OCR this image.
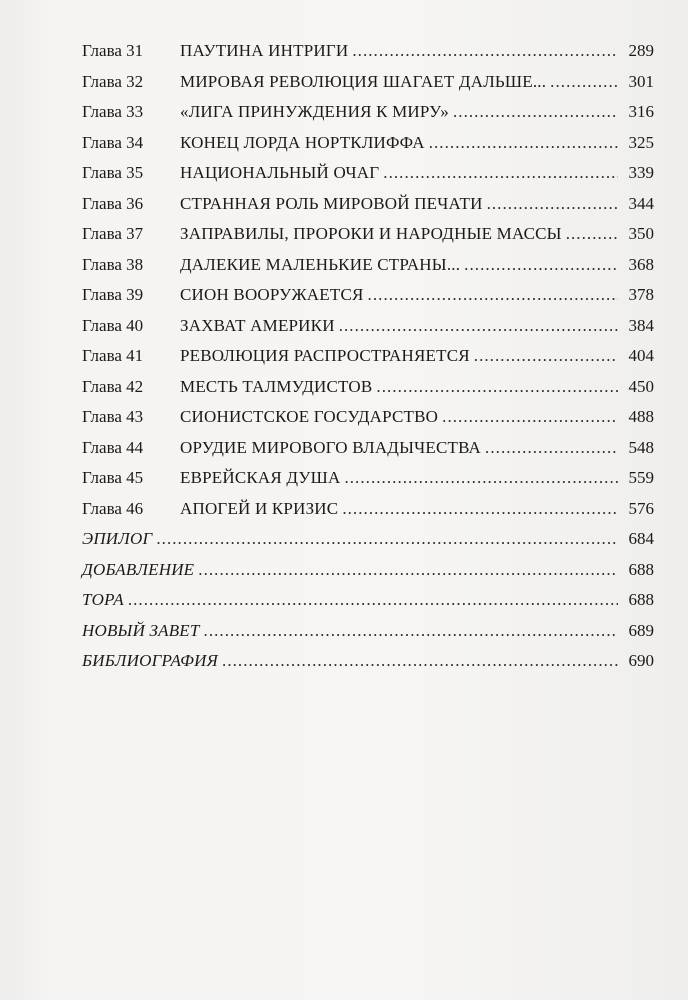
Глава 31	ПАУТИНА ИНТРИГИ . . .	289
Глава 32	МИРОВАЯ РЕВОЛЮЦИЯ ШАГАЕТ ДАЛЬШЕ... . . .	301
Глава 33	«ЛИГА ПРИНУЖДЕНИЯ К МИРУ» . . .	316
Глава 34	КОНЕЦ ЛОРДА НОРТКЛИФФА . . .	325
Глава 35	НАЦИОНАЛЬНЫЙ ОЧАГ . . .	339
Глава 36	СТРАННАЯ РОЛЬ МИРОВОЙ ПЕЧАТИ . . .	344
Глава 37	ЗАПРАВИЛЫ, ПРОРОКИ И НАРОДНЫЕ МАССЫ . . .	350
Глава 38	ДАЛЕКИЕ МАЛЕНЬКИЕ СТРАНЫ... . . .	368
Глава 39	СИОН ВООРУЖАЕТСЯ . . .	378
Глава 40	ЗАХВАТ АМЕРИКИ . . .	384
Глава 41	РЕВОЛЮЦИЯ РАСПРОСТРАНЯЕТСЯ . . .	404
Глава 42	МЕСТЬ ТАЛМУДИСТОВ . . .	450
Глава 43	СИОНИСТСКОЕ ГОСУДАРСТВО . . .	488
Глава 44	ОРУДИЕ МИРОВОГО ВЛАДЫЧЕСТВА . . .	548
Глава 45	ЕВРЕЙСКАЯ ДУША . . .	559
Глава 46	АПОГЕЙ И КРИЗИС . . .	576
ЭПИЛОГ . . .	684
ДОБАВЛЕНИЕ . . .	688
ТОРА . . .	688
НОВЫЙ ЗАВЕТ . . .	689
БИБЛИОГРАФИЯ . . .	690
